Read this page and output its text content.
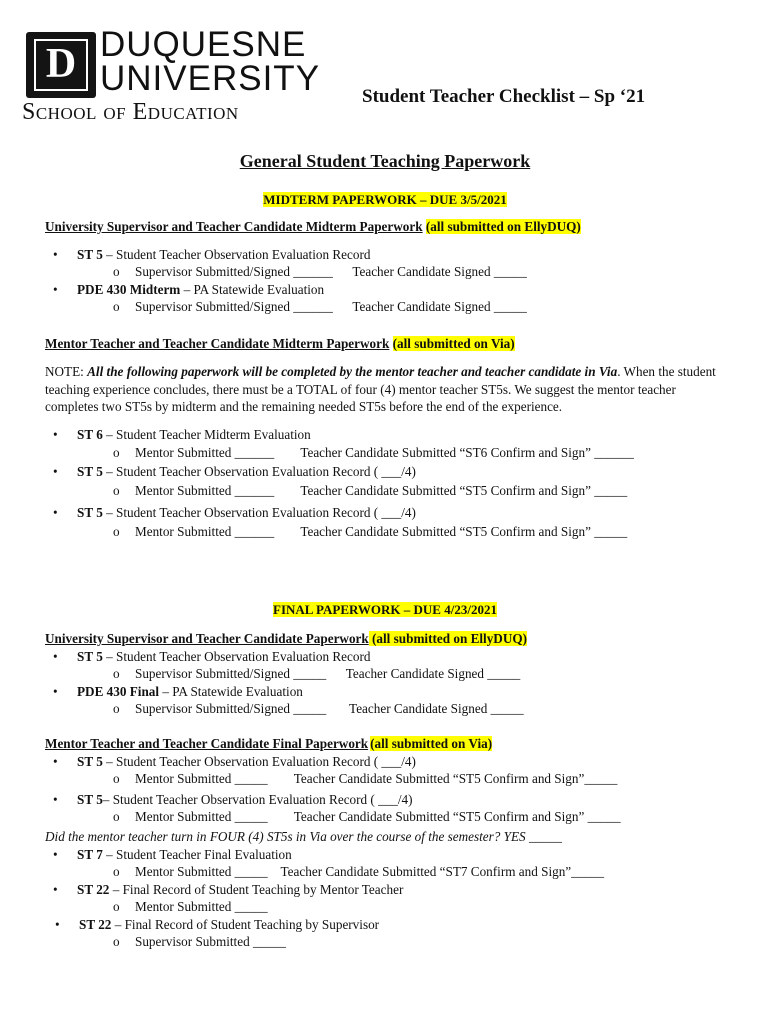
D DUQUESNE
UNIVERSITY
School of Education
Student Teacher Checklist – Sp ‘21
General Student Teaching Paperwork
MIDTERM PAPERWORK – DUE 3/5/2021
University Supervisor and Teacher Candidate Midterm Paperwork (all submitted on EllyDUQ)
• ST 5 – Student Teacher Observation Evaluation Record
o Supervisor Submitted/Signed ______      Teacher Candidate Signed _____
• PDE 430 Midterm – PA Statewide Evaluation
o Supervisor Submitted/Signed ______      Teacher Candidate Signed _____
Mentor Teacher and Teacher Candidate Midterm Paperwork (all submitted on Via)
NOTE: All the following paperwork will be completed by the mentor teacher and teacher candidate in Via. When the student teaching experience concludes, there must be a TOTAL of four (4) mentor teacher ST5s. We suggest the mentor teacher completes two ST5s by midterm and the remaining needed ST5s before the end of the experience.
• ST 6 – Student Teacher Midterm Evaluation
o Mentor Submitted ______        Teacher Candidate Submitted “ST6 Confirm and Sign” ______
• ST 5 – Student Teacher Observation Evaluation Record ( ___/4)
o Mentor Submitted ______        Teacher Candidate Submitted “ST5 Confirm and Sign” _____
• ST 5 – Student Teacher Observation Evaluation Record ( ___/4)
o Mentor Submitted ______        Teacher Candidate Submitted “ST5 Confirm and Sign” _____
FINAL PAPERWORK – DUE 4/23/2021
University Supervisor and Teacher Candidate Paperwork (all submitted on EllyDUQ)
• ST 5 – Student Teacher Observation Evaluation Record
o Supervisor Submitted/Signed _____      Teacher Candidate Signed _____
• PDE 430 Final – PA Statewide Evaluation
o Supervisor Submitted/Signed _____       Teacher Candidate Signed _____
Mentor Teacher and Teacher Candidate Final Paperwork (all submitted on Via)
• ST 5 – Student Teacher Observation Evaluation Record ( ___/4)
o Mentor Submitted _____        Teacher Candidate Submitted “ST5 Confirm and Sign”_____
• ST 5– Student Teacher Observation Evaluation Record ( ___/4)
o Mentor Submitted _____        Teacher Candidate Submitted “ST5 Confirm and Sign” _____
Did the mentor teacher turn in FOUR (4) ST5s in Via over the course of the semester? YES _____
• ST 7 – Student Teacher Final Evaluation
o Mentor Submitted _____    Teacher Candidate Submitted “ST7 Confirm and Sign”_____
• ST 22 – Final Record of Student Teaching by Mentor Teacher
o Mentor Submitted _____
• ST 22 – Final Record of Student Teaching by Supervisor
o Supervisor Submitted _____
